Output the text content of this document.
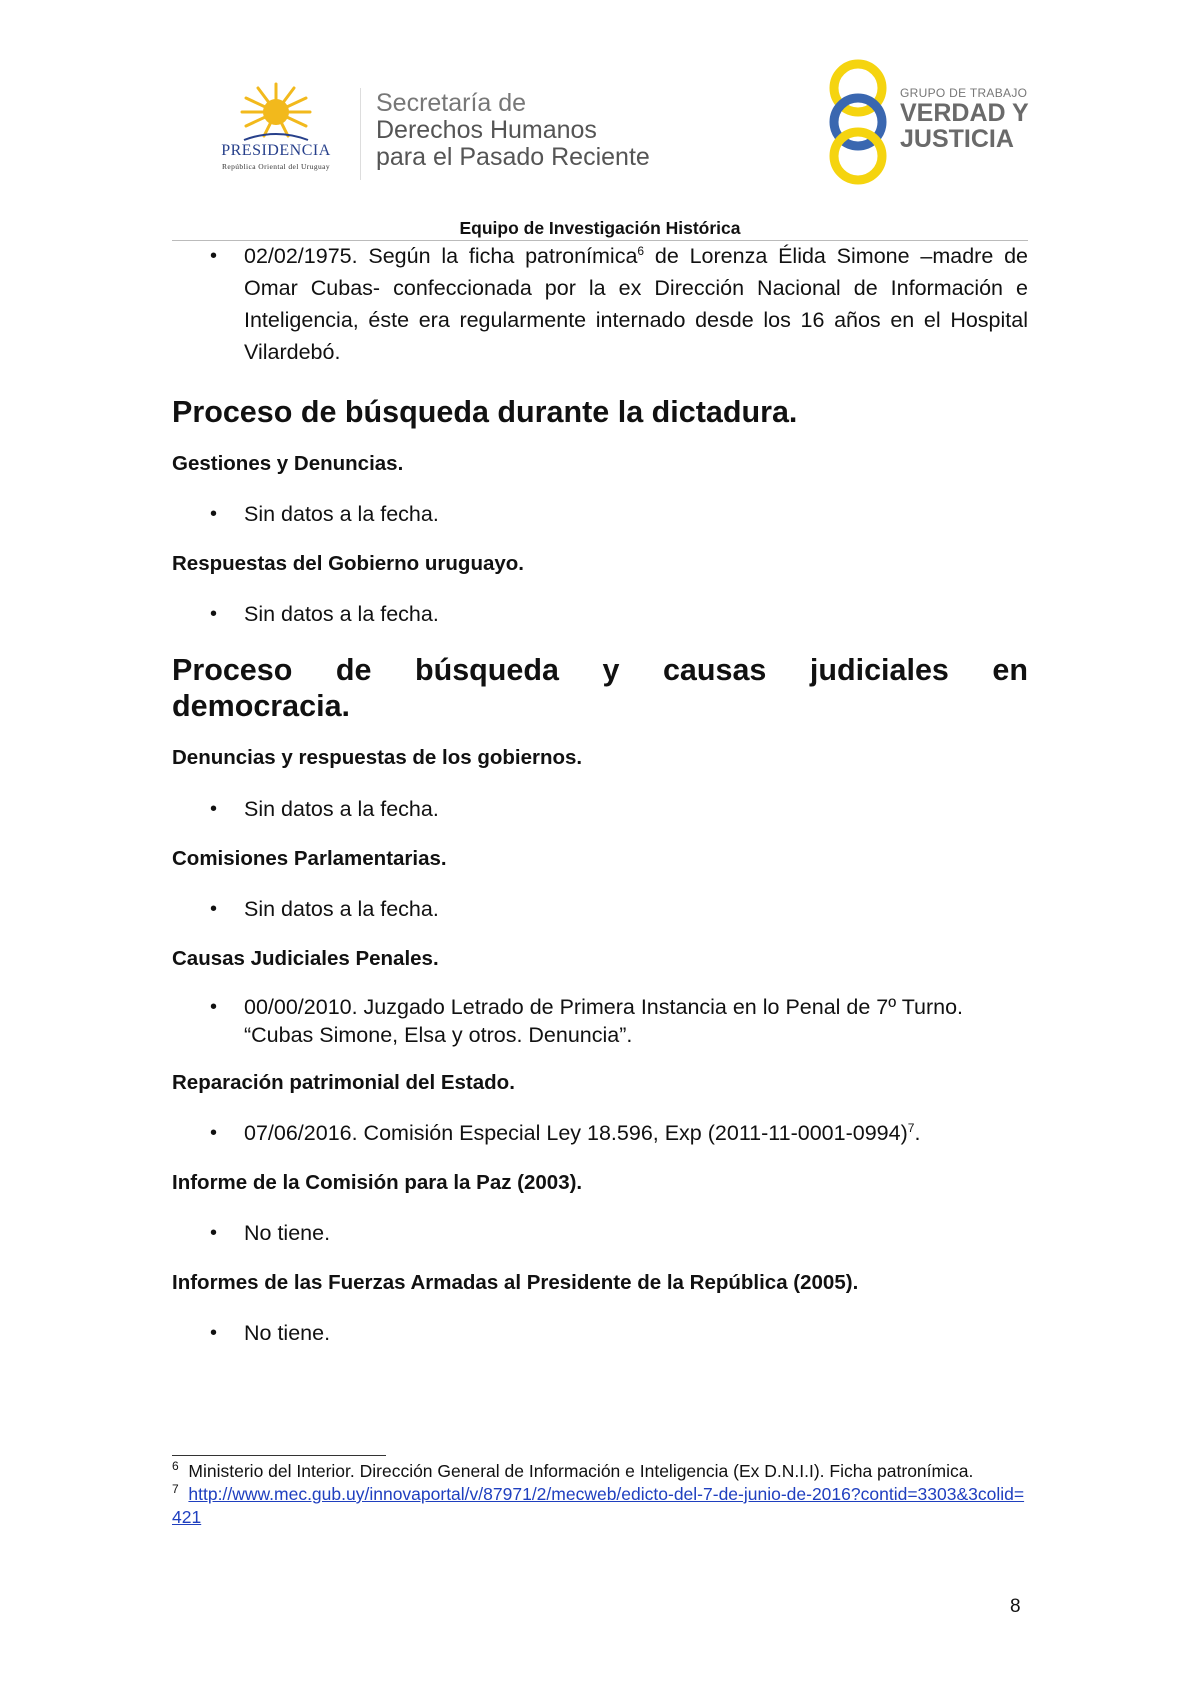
PRESIDENCIA
República Oriental del Uruguay
Secretaría de
Derechos Humanos
para el Pasado Reciente
GRUPO DE TRABAJO
VERDAD Y
JUSTICIA
Equipo de Investigación Histórica
• 02/02/1975. Según la ficha patronímica$^6$ de Lorenza Élida Simone –madre de Omar Cubas- confeccionada por la ex Dirección Nacional de Información e Inteligencia, éste era regularmente internado desde los 16 años en el Hospital Vilardebó.
Proceso de búsqueda durante la dictadura.
Gestiones y Denuncias.
• Sin datos a la fecha.
Respuestas del Gobierno uruguayo.
• Sin datos a la fecha.
Proceso de búsqueda y causas judiciales en
democracia.
Denuncias y respuestas de los gobiernos.
• Sin datos a la fecha.
Comisiones Parlamentarias.
• Sin datos a la fecha.
Causas Judiciales Penales.
• 00/00/2010. Juzgado Letrado de Primera Instancia en lo Penal de 7º Turno. “Cubas Simone, Elsa y otros. Denuncia”.
Reparación patrimonial del Estado.
• 07/06/2016. Comisión Especial Ley 18.596, Exp $(2011-11-0001-0994)^7$.
Informe de la Comisión para la Paz (2003).
• No tiene.
Informes de las Fuerzas Armadas al Presidente de la República (2005).
• No tiene.
$^6$ Ministerio del Interior. Dirección General de Información e Inteligencia (Ex D.N.I.I). Ficha patronímica.
$^7$ http://www.mec.gub.uy/innovaportal/v/87971/2/mecweb/edicto-del-7-de-junio-de-2016?contid=3303&3colid=421
8
